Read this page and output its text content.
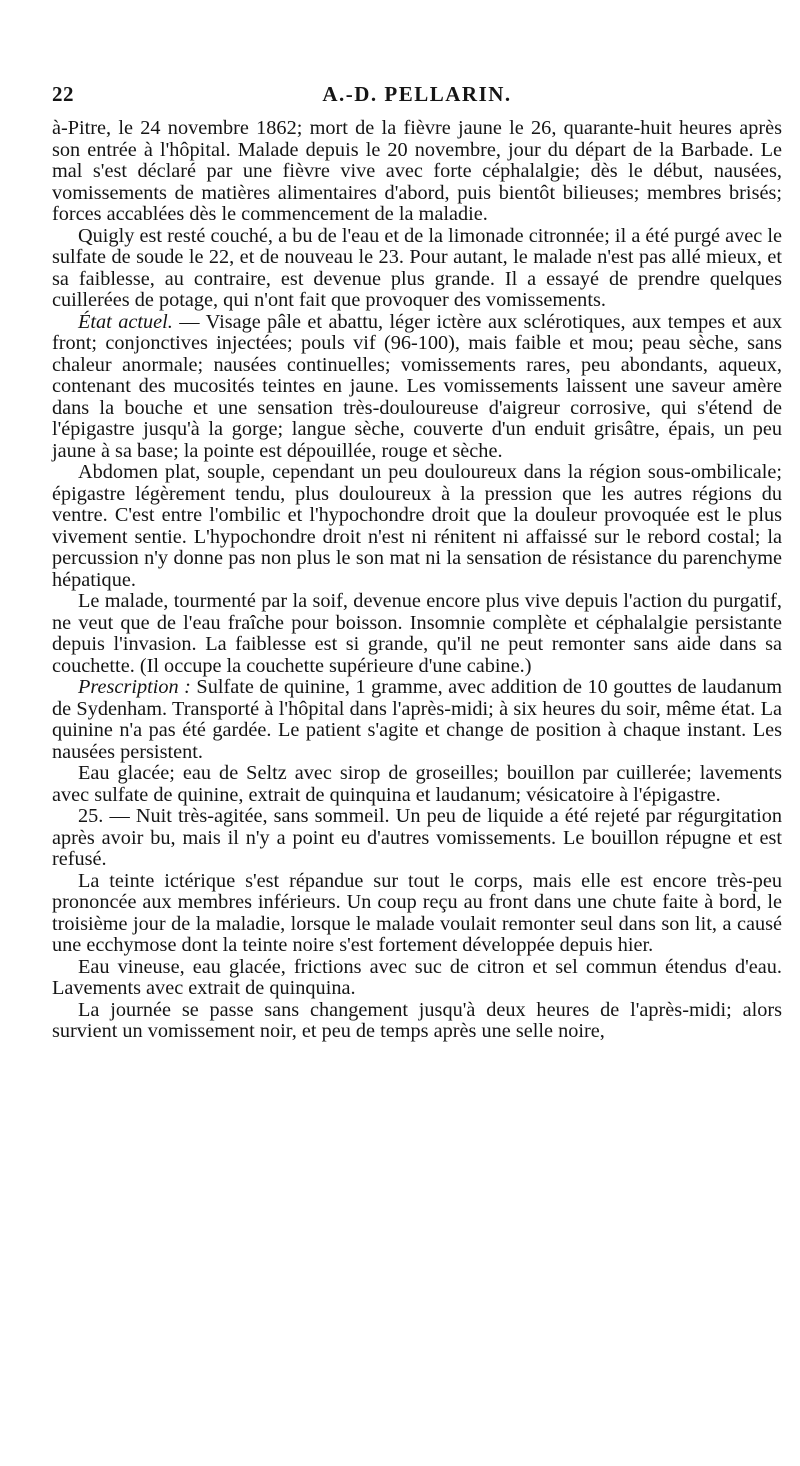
22	A.-D. PELLARIN.

à-Pitre, le 24 novembre 1862; mort de la fièvre jaune le 26, quarante-huit heures après son entrée à l'hôpital. Malade depuis le 20 novembre, jour du départ de la Barbade. Le mal s'est déclaré par une fièvre vive avec forte céphalalgie; dès le début, nausées, vomissements de matières alimentaires d'abord, puis bientôt bilieuses; membres brisés; forces accablées dès le commencement de la maladie.

Quigly est resté couché, a bu de l'eau et de la limonade citronnée; il a été purgé avec le sulfate de soude le 22, et de nouveau le 23. Pour autant, le malade n'est pas allé mieux, et sa faiblesse, au contraire, est devenue plus grande. Il a essayé de prendre quelques cuillerées de potage, qui n'ont fait que provoquer des vomissements.

État actuel. — Visage pâle et abattu, léger ictère aux sclérotiques, aux tempes et aux front; conjonctives injectées; pouls vif (96-100), mais faible et mou; peau sèche, sans chaleur anormale; nausées continuelles; vomissements rares, peu abondants, aqueux, contenant des mucosités teintes en jaune. Les vomissements laissent une saveur amère dans la bouche et une sensation très-douloureuse d'aigreur corrosive, qui s'étend de l'épigastre jusqu'à la gorge; langue sèche, couverte d'un enduit grisâtre, épais, un peu jaune à sa base; la pointe est dépouillée, rouge et sèche.

Abdomen plat, souple, cependant un peu douloureux dans la région sous-ombilicale; épigastre légèrement tendu, plus douloureux à la pression que les autres régions du ventre. C'est entre l'ombilic et l'hypochondre droit que la douleur provoquée est le plus vivement sentie. L'hypochondre droit n'est ni rénitent ni affaissé sur le rebord costal; la percussion n'y donne pas non plus le son mat ni la sensation de résistance du parenchyme hépatique.

Le malade, tourmenté par la soif, devenue encore plus vive depuis l'action du purgatif, ne veut que de l'eau fraîche pour boisson. Insomnie complète et céphalalgie persistante depuis l'invasion. La faiblesse est si grande, qu'il ne peut remonter sans aide dans sa couchette. (Il occupe la couchette supérieure d'une cabine.)

Prescription : Sulfate de quinine, 1 gramme, avec addition de 10 gouttes de laudanum de Sydenham. Transporté à l'hôpital dans l'après-midi; à six heures du soir, même état. La quinine n'a pas été gardée. Le patient s'agite et change de position à chaque instant. Les nausées persistent.

Eau glacée; eau de Seltz avec sirop de groseilles; bouillon par cuillerée; lavements avec sulfate de quinine, extrait de quinquina et laudanum; vésicatoire à l'épigastre.

25. — Nuit très-agitée, sans sommeil. Un peu de liquide a été rejeté par régurgitation après avoir bu, mais il n'y a point eu d'autres vomissements. Le bouillon répugne et est refusé.

La teinte ictérique s'est répandue sur tout le corps, mais elle est encore très-peu prononcée aux membres inférieurs. Un coup reçu au front dans une chute faite à bord, le troisième jour de la maladie, lorsque le malade voulait remonter seul dans son lit, a causé une ecchymose dont la teinte noire s'est fortement développée depuis hier.

Eau vineuse, eau glacée, frictions avec suc de citron et sel commun étendus d'eau. Lavements avec extrait de quinquina.

La journée se passe sans changement jusqu'à deux heures de l'après-midi; alors survient un vomissement noir, et peu de temps après une selle noire,
